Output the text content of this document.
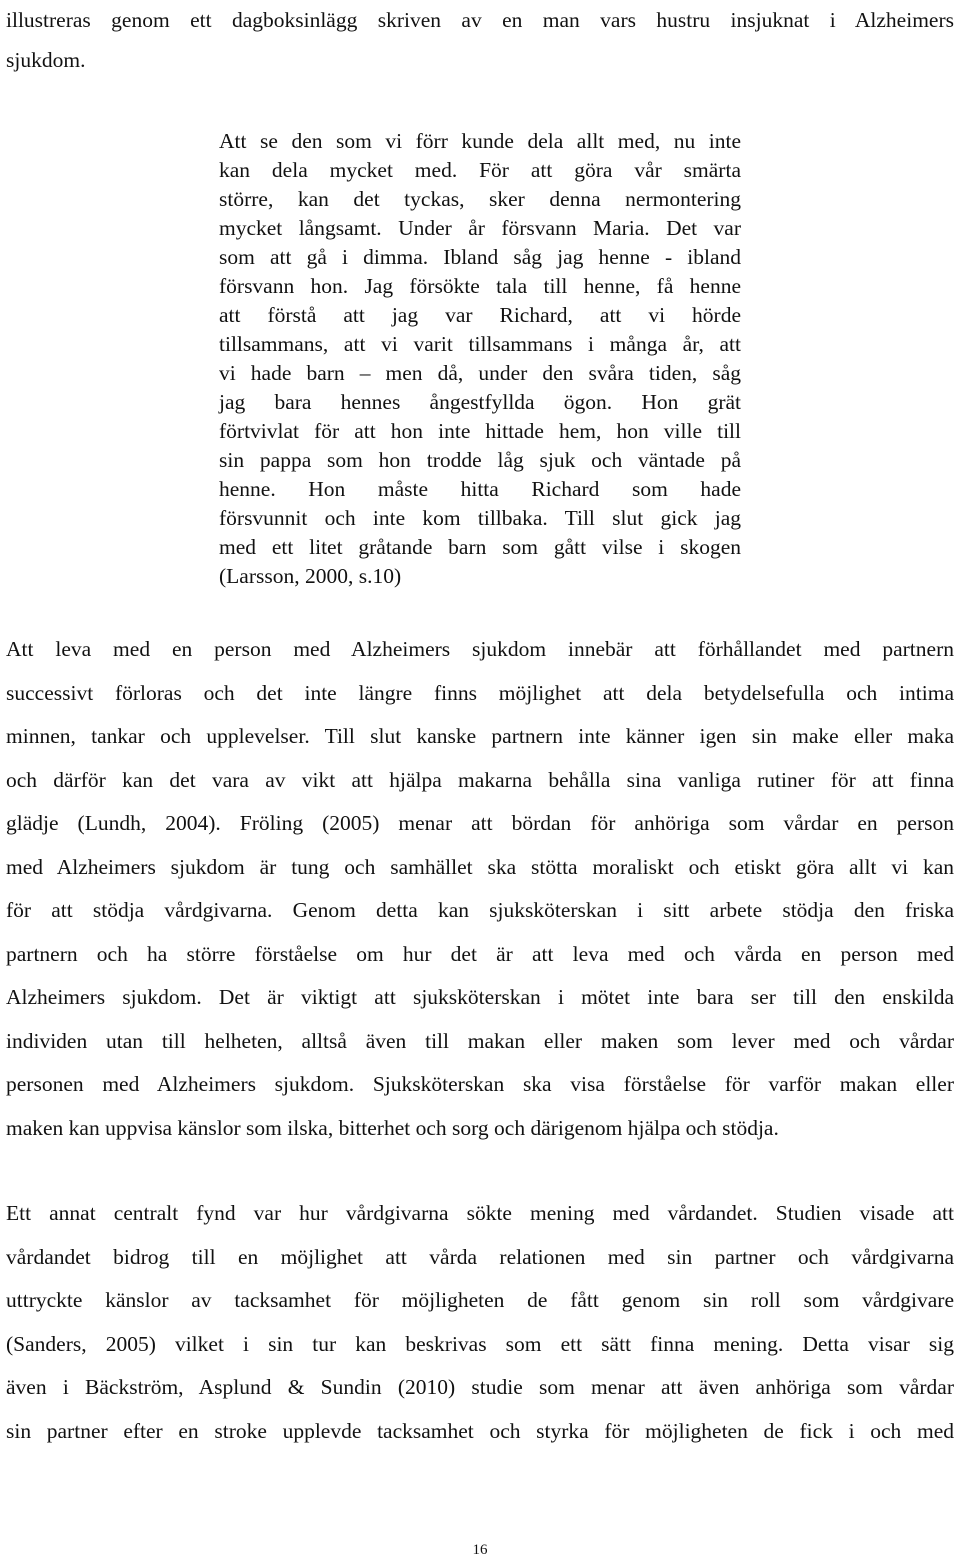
illustreras genom ett dagboksinlägg skriven av en man vars hustru insjuknat i Alzheimers
sjukdom.
Att se den som vi förr kunde dela allt med, nu inte
kan dela mycket med. För att göra vår smärta
större, kan det tyckas, sker denna nermontering
mycket långsamt. Under år försvann Maria. Det var
som att gå i dimma. Ibland såg jag henne - ibland
försvann hon. Jag försökte tala till henne, få henne
att förstå att jag var Richard, att vi hörde
tillsammans, att vi varit tillsammans i många år, att
vi hade barn – men då, under den svåra tiden, såg
jag bara hennes ångestfyllda ögon. Hon grät
förtvivlat för att hon inte hittade hem, hon ville till
sin pappa som hon trodde låg sjuk och väntade på
henne. Hon måste hitta Richard som hade
försvunnit och inte kom tillbaka. Till slut gick jag
med ett litet gråtande barn som gått vilse i skogen
(Larsson, 2000, s.10)
Att leva med en person med Alzheimers sjukdom innebär att förhållandet med partnern
successivt förloras och det inte längre finns möjlighet att dela betydelsefulla och intima
minnen, tankar och upplevelser. Till slut kanske partnern inte känner igen sin make eller maka
och därför kan det vara av vikt att hjälpa makarna behålla sina vanliga rutiner för att finna
glädje (Lundh, 2004). Fröling (2005) menar att bördan för anhöriga som vårdar en person
med Alzheimers sjukdom är tung och samhället ska stötta moraliskt och etiskt göra allt vi kan
för att stödja vårdgivarna. Genom detta kan sjuksköterskan i sitt arbete stödja den friska
partnern och ha större förståelse om hur det är att leva med och vårda en person med
Alzheimers sjukdom. Det är viktigt att sjuksköterskan i mötet inte bara ser till den enskilda
individen utan till helheten, alltså även till makan eller maken som lever med och vårdar
personen med Alzheimers sjukdom. Sjuksköterskan ska visa förståelse för varför makan eller
maken kan uppvisa känslor som ilska, bitterhet och sorg och därigenom hjälpa och stödja.
Ett annat centralt fynd var hur vårdgivarna sökte mening med vårdandet. Studien visade att
vårdandet bidrog till en möjlighet att vårda relationen med sin partner och vårdgivarna
uttryckte känslor av tacksamhet för möjligheten de fått genom sin roll som vårdgivare
(Sanders, 2005) vilket i sin tur kan beskrivas som ett sätt finna mening. Detta visar sig
även i Bäckström, Asplund & Sundin (2010) studie som menar att även anhöriga som vårdar
sin partner efter en stroke upplevde tacksamhet och styrka för möjligheten de fick i och med
16
